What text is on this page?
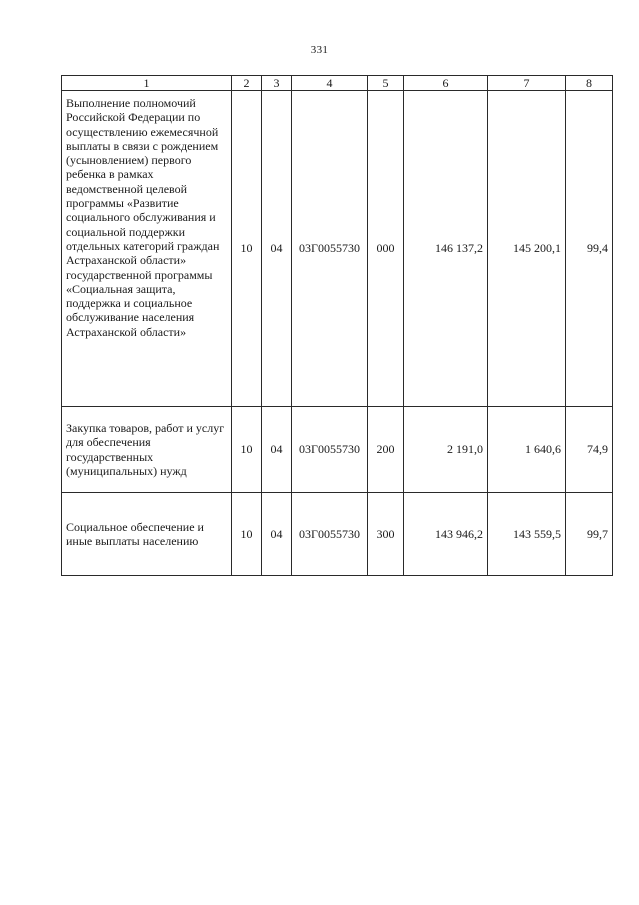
331
1	2	3	4	5	6	7	8
Выполнение полномочий Российской Федерации по осуществлению ежемесячной выплаты в связи с рождением (усыновлением) первого ребенка в рамках ведомственной целевой программы «Развитие социального обслуживания и социальной поддержки отдельных категорий граждан Астраханской области» государственной программы «Социальная защита, поддержка и социальное обслуживание населения Астраханской области»	10	04	03Г0055730	000	146 137,2	145 200,1	99,4
Закупка товаров, работ и услуг для обеспечения государственных (муниципальных) нужд	10	04	03Г0055730	200	2 191,0	1 640,6	74,9
Социальное обеспечение и иные выплаты населению	10	04	03Г0055730	300	143 946,2	143 559,5	99,7
